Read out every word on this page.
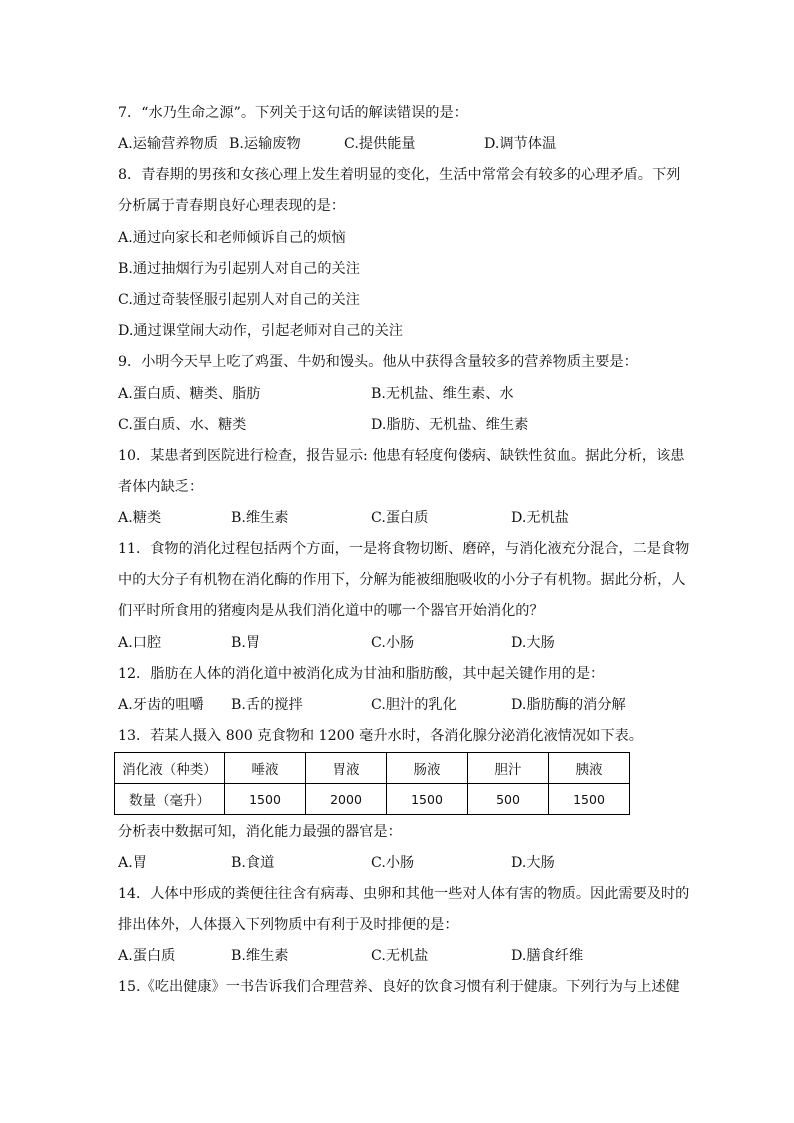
7．“水乃生命之源”。下列关于这句话的解读错误的是：
A.运输营养物质 B.运输废物	C.提供能量	D.调节体温
8．青春期的男孩和女孩心理上发生着明显的变化，生活中常常会有较多的心理矛盾。下列
分析属于青春期良好心理表现的是：
A.通过向家长和老师倾诉自己的烦恼
B.通过抽烟行为引起别人对自己的关注
C.通过奇装怪服引起别人对自己的关注
D.通过课堂闹大动作，引起老师对自己的关注
9．小明今天早上吃了鸡蛋、牛奶和馒头。他从中获得含量较多的营养物质主要是：
A.蛋白质、糖类、脂肪	B.无机盐、维生素、水
C.蛋白质、水、糖类	D.脂肪、无机盐、维生素
10．某患者到医院进行检查，报告显示: 他患有轻度佝偻病、缺铁性贫血。据此分析，该患
者体内缺乏：
A.糖类	B.维生素	C.蛋白质	D.无机盐
11．食物的消化过程包括两个方面，一是将食物切断、磨碎，与消化液充分混合，二是食物
中的大分子有机物在消化酶的作用下，分解为能被细胞吸收的小分子有机物。据此分析，人
们平时所食用的猪瘦肉是从我们消化道中的哪一个器官开始消化的？
A.口腔	B.胃	C.小肠	D.大肠
12．脂肪在人体的消化道中被消化成为甘油和脂肪酸，其中起关键作用的是：
A.牙齿的咀嚼 B.舌的搅拌	C.胆汁的乳化	D.脂肪酶的消分解
13．若某人摄入 800 克食物和 1200 毫升水时，各消化腺分泌消化液情况如下表。
消化液（种类）	唾液	胃液	肠液	胆汁	胰液
数量（毫升）	1500	2000	1500	500	1500
分析表中数据可知，消化能力最强的器官是：
A.胃	B.食道	C.小肠	D.大肠
14．人体中形成的粪便往往含有病毒、虫卵和其他一些对人体有害的物质。因此需要及时的
排出体外，人体摄入下列物质中有利于及时排便的是：
A.蛋白质	B.维生素	C.无机盐	D.膳食纤维
15.《吃出健康》一书告诉我们合理营养、良好的饮食习惯有利于健康。下列行为与上述健
